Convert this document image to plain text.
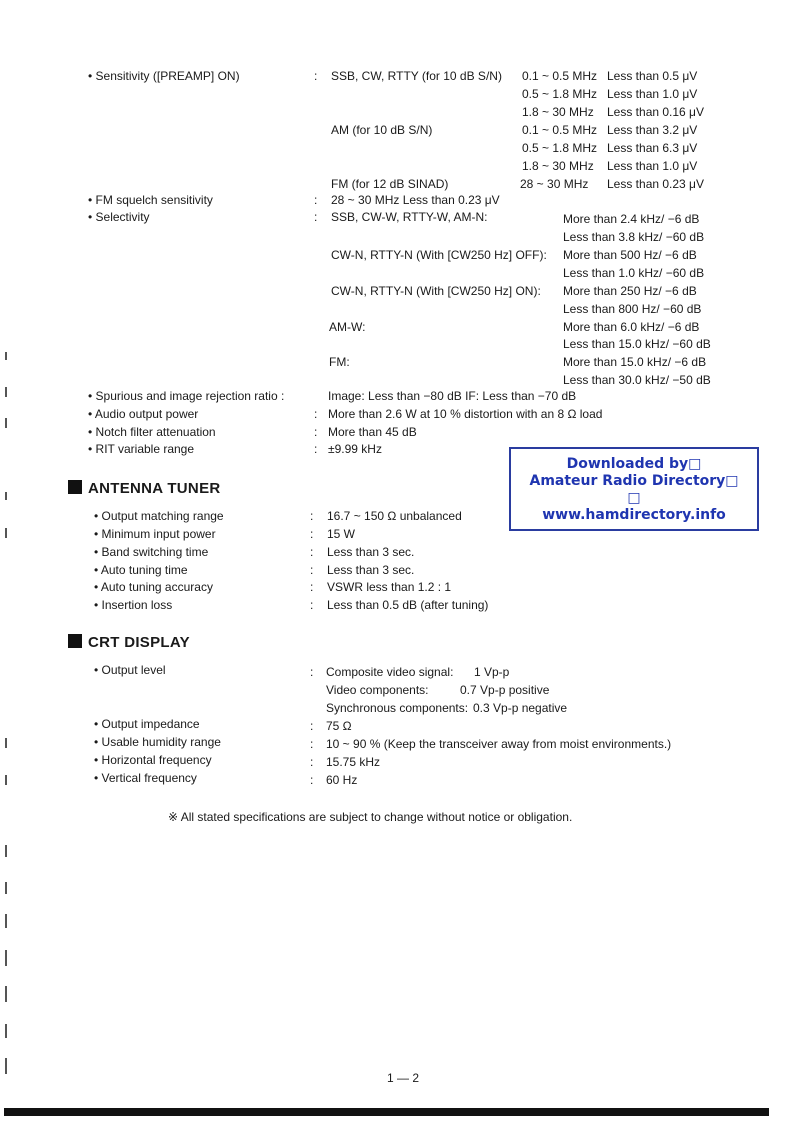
• Sensitivity ([PREAMP] ON)	: SSB, CW, RTTY (for 10 dB S/N) 0.1 ~ 0.5 MHz Less than 0.5 μV
0.5 ~ 1.8 MHz Less than 1.0 μV
1.8 ~ 30 MHz Less than 0.16 μV
AM (for 10 dB S/N)	0.1 ~ 0.5 MHz Less than 3.2 μV
0.5 ~ 1.8 MHz Less than 6.3 μV
1.8 ~ 30 MHz Less than 1.0 μV
FM (for 12 dB SINAD)	28 ~ 30 MHz Less than 0.23 μV
• FM squelch sensitivity	: 28 ~ 30 MHz Less than 0.23 μV
• Selectivity	: SSB, CW-W, RTTY-W, AM-N:	More than 2.4 kHz/ −6 dB
Less than 3.8 kHz/ −60 dB
CW-N, RTTY-N (With [CW250 Hz] OFF): More than 500 Hz/ −6 dB
Less than 1.0 kHz/ −60 dB
CW-N, RTTY-N (With [CW250 Hz] ON): More than 250 Hz/ −6 dB
Less than 800 Hz/ −60 dB
AM-W:	More than 6.0 kHz/ −6 dB
Less than 15.0 kHz/ −60 dB
FM:	More than 15.0 kHz/ −6 dB
Less than 30.0 kHz/ −50 dB
• Spurious and image rejection ratio :	Image: Less than −80 dB IF: Less than −70 dB
• Audio output power	: More than 2.6 W at 10 % distortion with an 8 Ω load
• Notch filter attenuation	: More than 45 dB
• RIT variable range	: ±9.99 kHz
Downloaded by□
Amateur Radio Directory□
□
www.hamdirectory.info
ANTENNA TUNER
• Output matching range	: 16.7 ~ 150 Ω unbalanced
• Minimum input power	: 15 W
• Band switching time	: Less than 3 sec.
• Auto tuning time	: Less than 3 sec.
• Auto tuning accuracy	: VSWR less than 1.2 : 1
• Insertion loss	: Less than 0.5 dB (after tuning)
CRT DISPLAY
• Output level	: Composite video signal: 1 Vp-p
Video components:	0.7 Vp-p positive
Synchronous components: 0.3 Vp-p negative
• Output impedance	: 75 Ω
• Usable humidity range	: 10 ~ 90 % (Keep the transceiver away from moist environments.)
• Horizontal frequency	: 15.75 kHz
• Vertical frequency	: 60 Hz
※ All stated specifications are subject to change without notice or obligation.
1 — 2
